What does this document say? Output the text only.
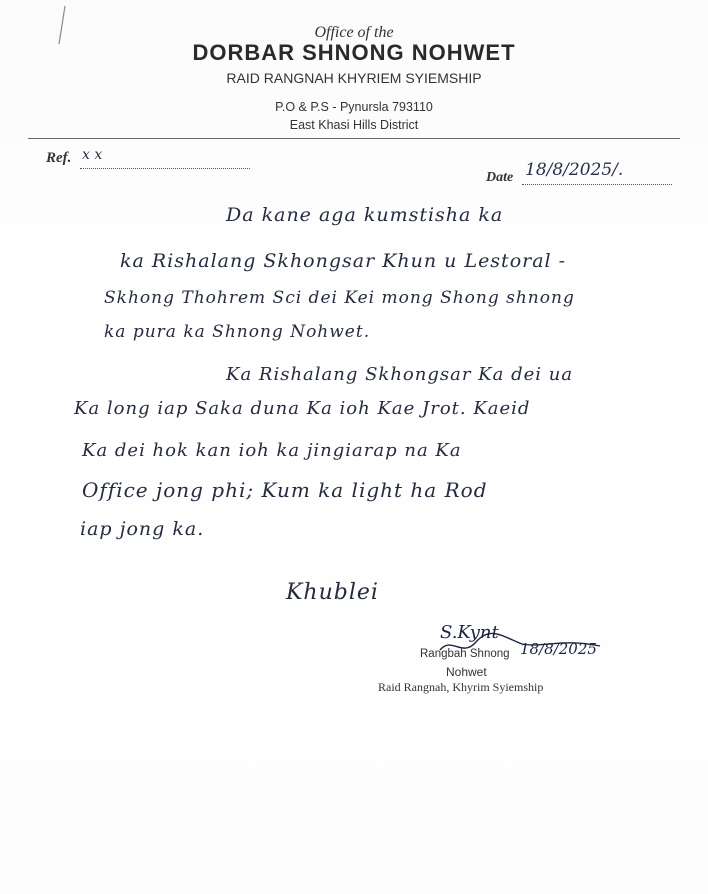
Office of the
DORBAR SHNONG NOHWET
RAID RANGNAH KHYRIEM SYIEMSHIP
P.O & P.S - Pynursla 793110
East Khasi Hills District
Ref. x x
Date 18/8/2025/.
Da kane aga kumstisha ka
ka Rishalang Skhongsar Khun u Lestoral -
Skhong Thohrem Sci dei Kei mong Shong shnong
ka pura ka Shnong Nohwet.
Ka Rishalang Skhongsar Ka dei ua
Ka long iap Saka duna Ka ioh Kae Jrot. Kaeid
Ka dei hok kan ioh ka jingiarap na Ka
Office jong phi; Kum ka light ha Rod
iap jong ka.
Khublei
S.Kynt
18/8/2025
Rangbah Shnong
Nohwet
Raid Rangnah, Khyrim Syiemship
